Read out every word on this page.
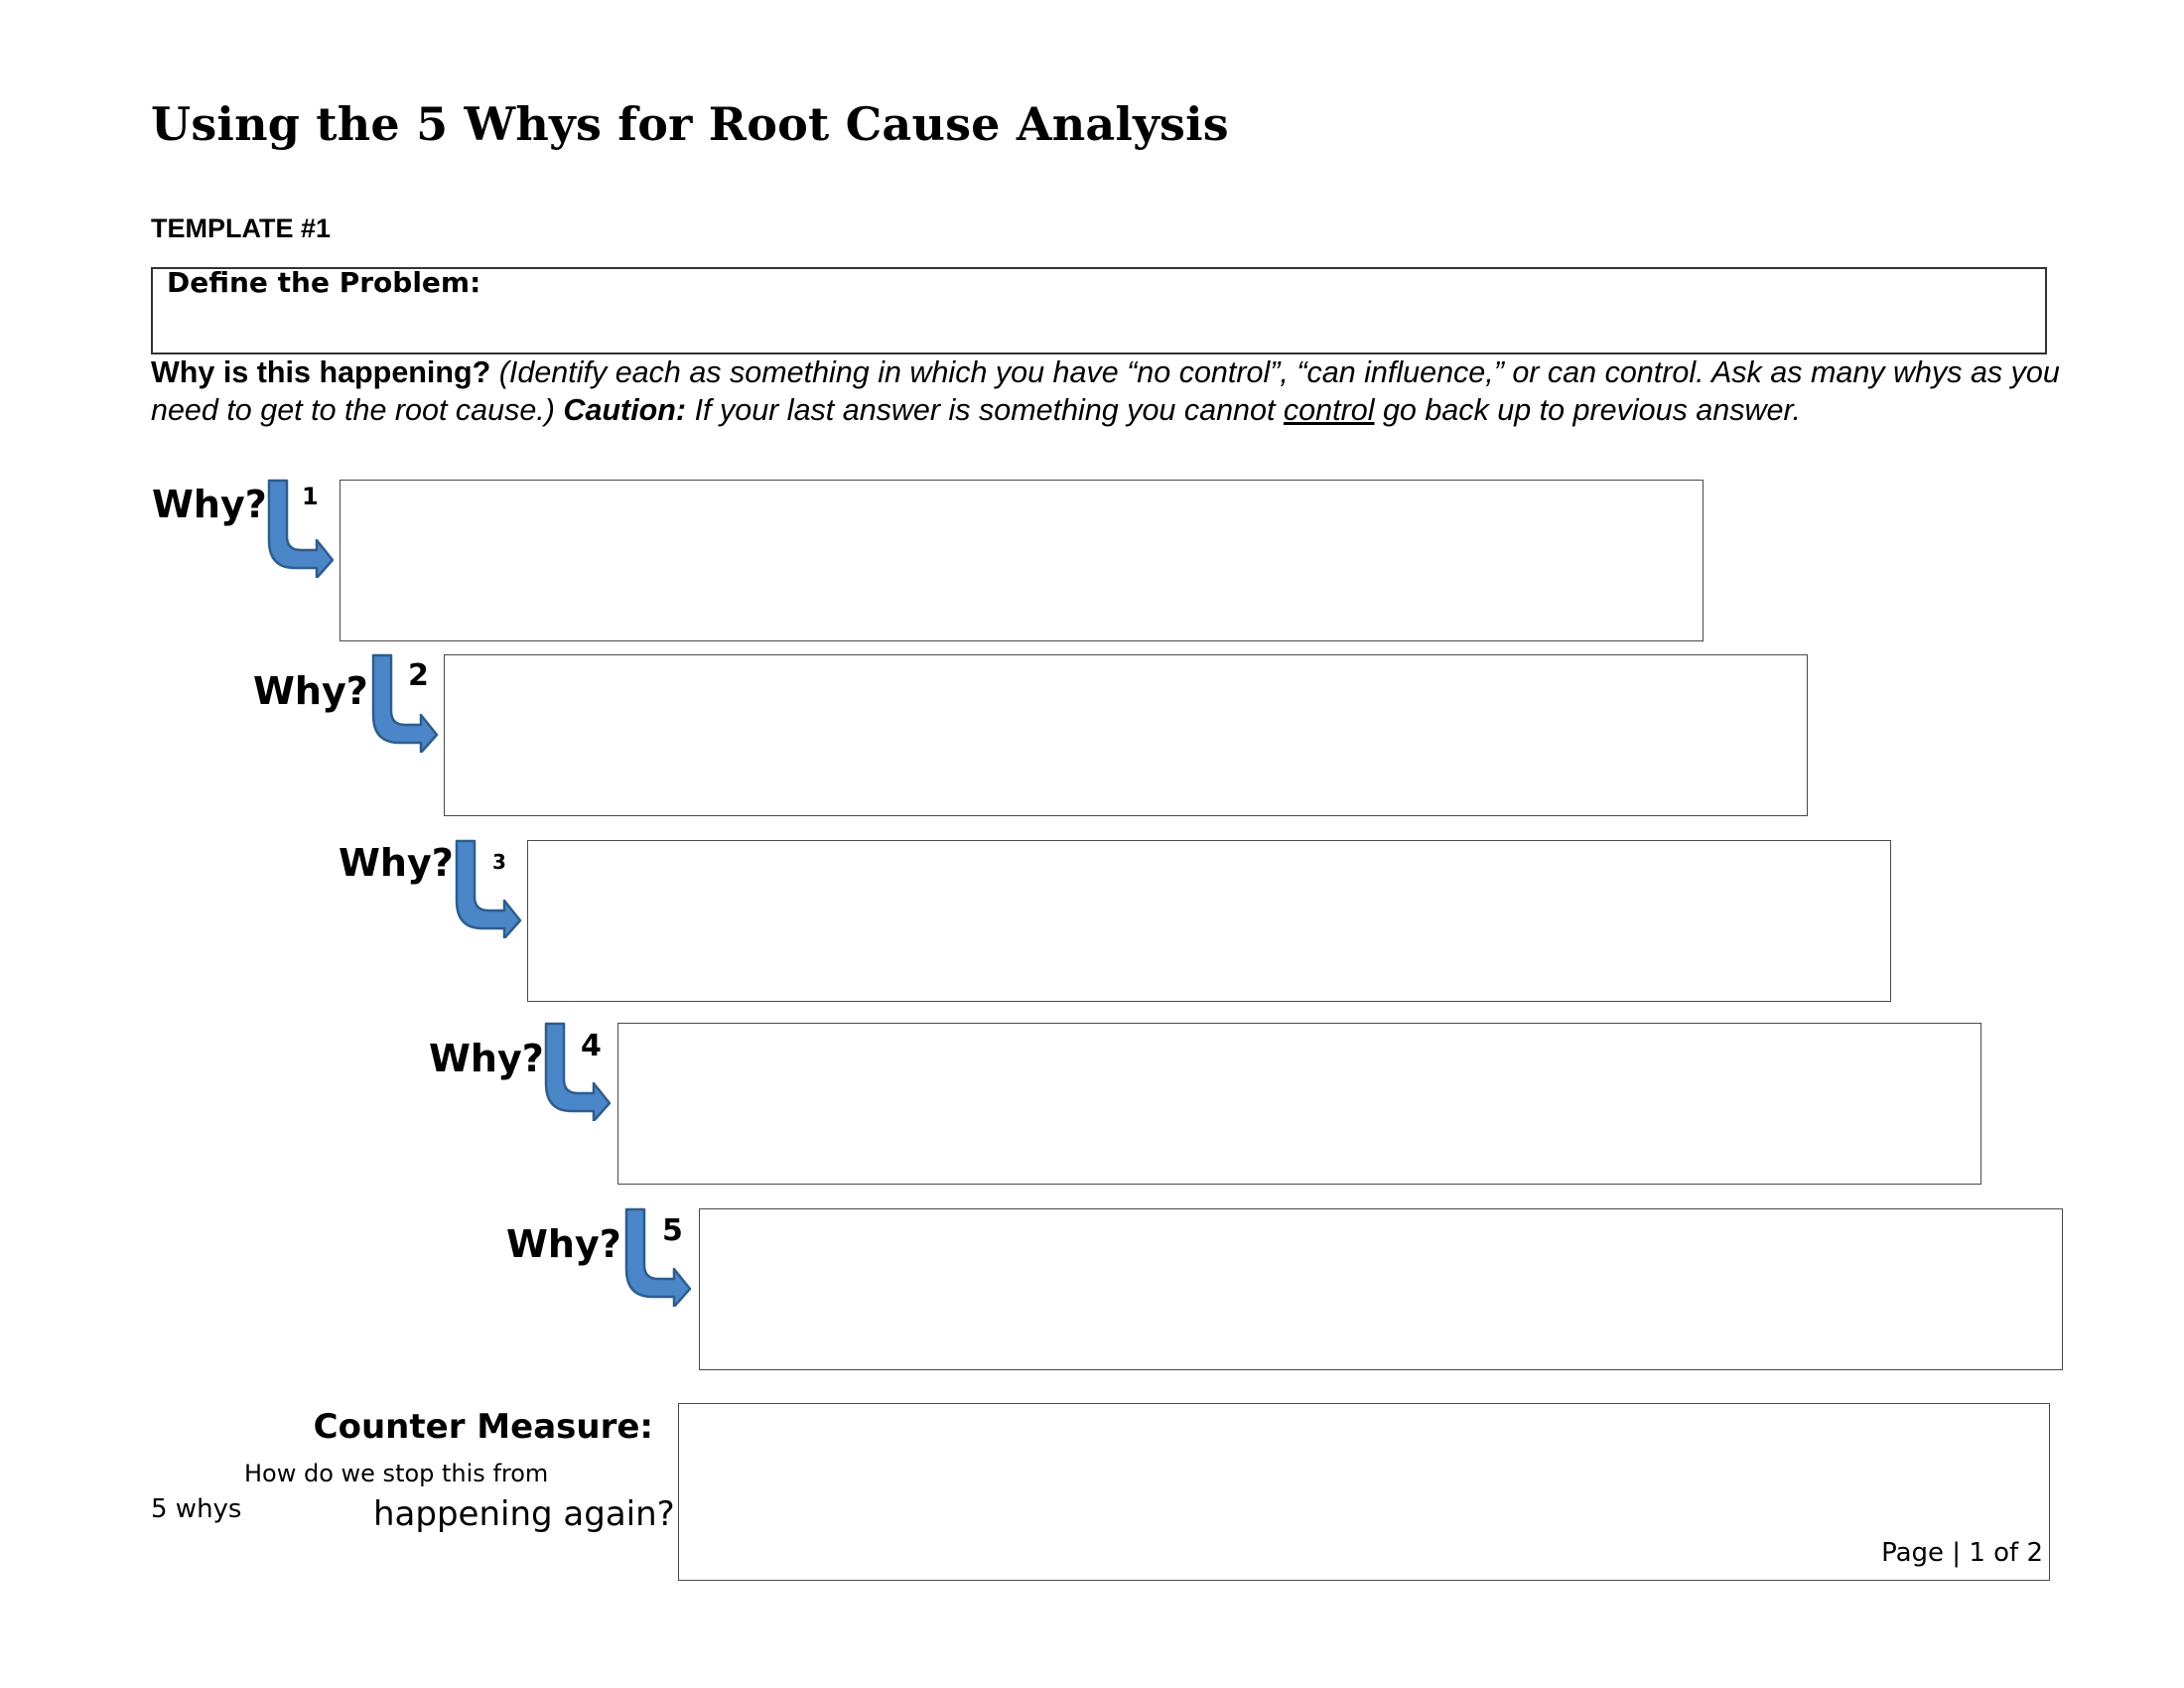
Using the 5 Whys for Root Cause Analysis
TEMPLATE #1
Define the Problem:
Why is this happening? (Identify each as something in which you have “no control”, “can influence,” or can control. Ask as many whys as you need to get to the root cause.) Caution: If your last answer is something you cannot control go back up to previous answer.
Why? 1
Why? 2
Why? 3
Why? 4
Why? 5
Counter Measure:
How do we stop this from
happening again?
5 whys
Page | 1 of 2
